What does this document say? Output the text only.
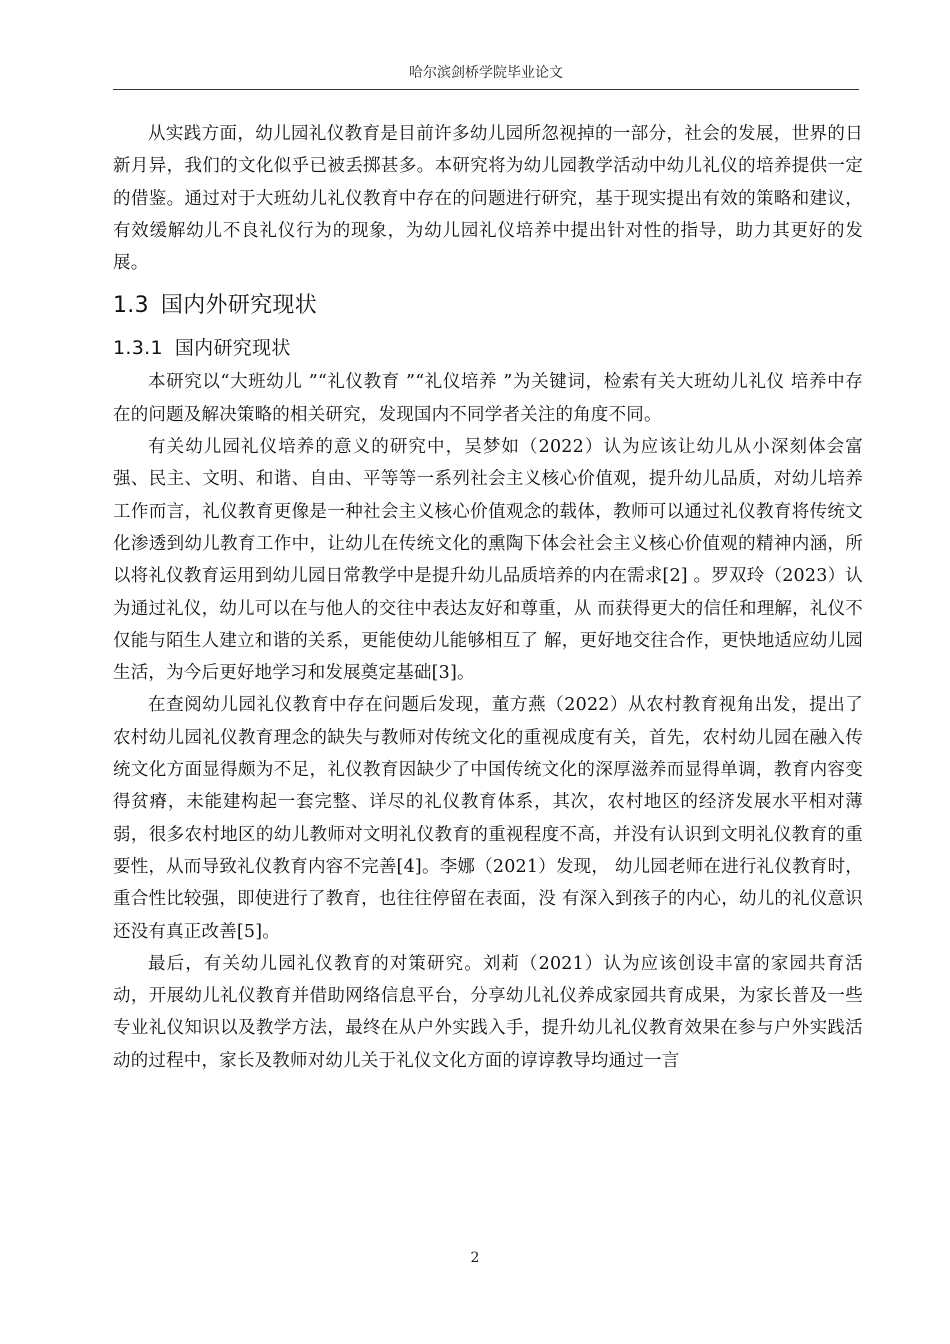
哈尔滨剑桥学院毕业论文

从实践方面，幼儿园礼仪教育是目前许多幼儿园所忽视掉的一部分，社会的发展，世界的日新月异，我们的文化似乎已被丢掷甚多。本研究将为幼儿园教学活动中幼儿礼仪的培养提供一定的借鉴。通过对于大班幼儿礼仪教育中存在的问题进行研究，基于现实提出有效的策略和建议，有效缓解幼儿不良礼仪行为的现象，为幼儿园礼仪培养中提出针对性的指导，助力其更好的发展。

1.3 国内外研究现状
1.3.1 国内研究现状

本研究以“大班幼儿 ”“礼仪教育 ”“礼仪培养 ”为关键词，检索有关大班幼儿礼仪 培养中存在的问题及解决策略的相关研究，发现国内不同学者关注的角度不同。

有关幼儿园礼仪培养的意义的研究中，吴梦如（2022）认为应该让幼儿从小深刻体会富强、民主、文明、和谐、自由、平等等一系列社会主义核心价值观，提升幼儿品质，对幼儿培养工作而言，礼仪教育更像是一种社会主义核心价值观念的载体，教师可以通过礼仪教育将传统文化渗透到幼儿教育工作中，让幼儿在传统文化的熏陶下体会社会主义核心价值观的精神内涵，所以将礼仪教育运用到幼儿园日常教学中是提升幼儿品质培养的内在需求[2] 。罗双玲（2023）认为通过礼仪，幼儿可以在与他人的交往中表达友好和尊重，从 而获得更大的信任和理解，礼仪不仅能与陌生人建立和谐的关系，更能使幼儿能够相互了 解，更好地交往合作，更快地适应幼儿园生活，为今后更好地学习和发展奠定基础[3]。

在查阅幼儿园礼仪教育中存在问题后发现，董方燕（2022）从农村教育视角出发，提出了农村幼儿园礼仪教育理念的缺失与教师对传统文化的重视成度有关，首先，农村幼儿园在融入传统文化方面显得颇为不足，礼仪教育因缺少了中国传统文化的深厚滋养而显得单调，教育内容变得贫瘠，未能建构起一套完整、详尽的礼仪教育体系，其次，农村地区的经济发展水平相对薄弱，很多农村地区的幼儿教师对文明礼仪教育的重视程度不高，并没有认识到文明礼仪教育的重要性，从而导致礼仪教育内容不完善[4]。李娜（2021）发现， 幼儿园老师在进行礼仪教育时，重合性比较强，即使进行了教育，也往往停留在表面，没 有深入到孩子的内心，幼儿的礼仪意识还没有真正改善[5]。

最后，有关幼儿园礼仪教育的对策研究。刘莉（2021）认为应该创设丰富的家园共育活动，开展幼儿礼仪教育并借助网络信息平台，分享幼儿礼仪养成家园共育成果，为家长普及一些专业礼仪知识以及教学方法，最终在从户外实践入手，提升幼儿礼仪教育效果在参与户外实践活动的过程中，家长及教师对幼儿关于礼仪文化方面的谆谆教导均通过一言

2
